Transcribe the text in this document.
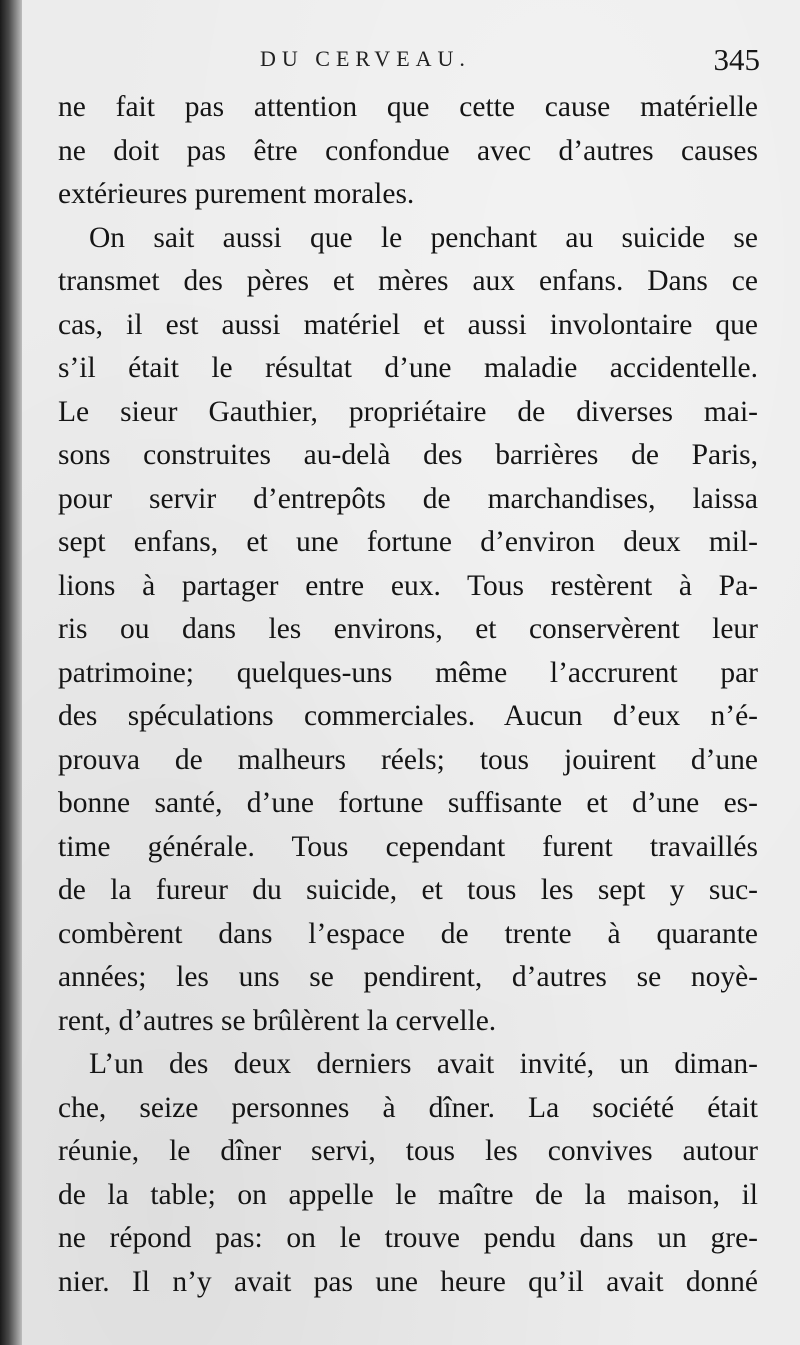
DU CERVEAU.	345
ne fait pas attention que cette cause matérielle
ne doit pas être confondue avec d’autres causes
extérieures purement morales.
On sait aussi que le penchant au suicide se
transmet des pères et mères aux enfans. Dans ce
cas, il est aussi matériel et aussi involontaire que
s’il était le résultat d’une maladie accidentelle.
Le sieur Gauthier, propriétaire de diverses mai-
sons construites au-delà des barrières de Paris,
pour servir d’entrepôts de marchandises, laissa
sept enfans, et une fortune d’environ deux mil-
lions à partager entre eux. Tous restèrent à Pa-
ris ou dans les environs, et conservèrent leur
patrimoine; quelques-uns même l’accrurent par
des spéculations commerciales. Aucun d’eux n’é-
prouva de malheurs réels; tous jouirent d’une
bonne santé, d’une fortune suffisante et d’une es-
time générale. Tous cependant furent travaillés
de la fureur du suicide, et tous les sept y suc-
combèrent dans l’espace de trente à quarante
années; les uns se pendirent, d’autres se noyè-
rent, d’autres se brûlèrent la cervelle.
L’un des deux derniers avait invité, un diman-
che, seize personnes à dîner. La société était
réunie, le dîner servi, tous les convives autour
de la table; on appelle le maître de la maison, il
ne répond pas: on le trouve pendu dans un gre-
nier. Il n’y avait pas une heure qu’il avait donné
